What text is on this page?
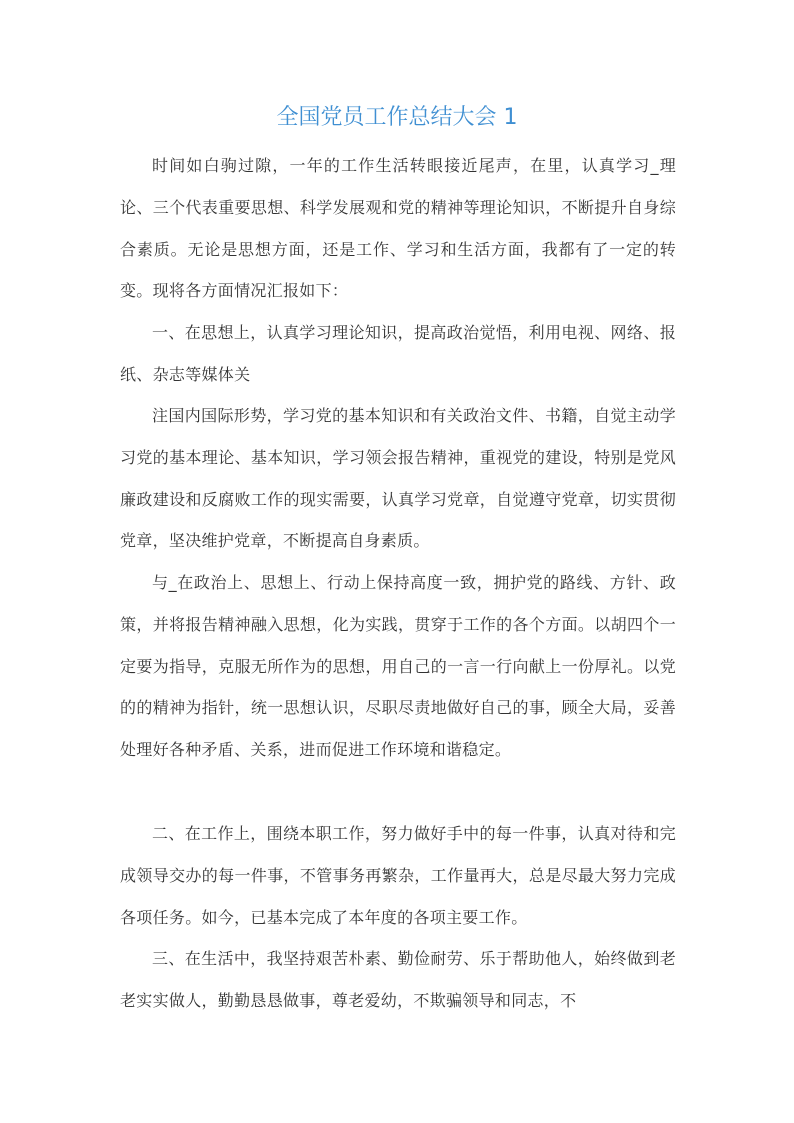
全国党员工作总结大会 1

时间如白驹过隙，一年的工作生活转眼接近尾声，在里，认真学习_理论、三个代表重要思想、科学发展观和党的精神等理论知识，不断提升自身综合素质。无论是思想方面，还是工作、学习和生活方面，我都有了一定的转变。现将各方面情况汇报如下：

一、在思想上，认真学习理论知识，提高政治觉悟，利用电视、网络、报纸、杂志等媒体关

注国内国际形势，学习党的基本知识和有关政治文件、书籍，自觉主动学习党的基本理论、基本知识，学习领会报告精神，重视党的建设，特别是党风廉政建设和反腐败工作的现实需要，认真学习党章，自觉遵守党章，切实贯彻党章，坚决维护党章，不断提高自身素质。

与_在政治上、思想上、行动上保持高度一致，拥护党的路线、方针、政策，并将报告精神融入思想，化为实践，贯穿于工作的各个方面。以胡四个一定要为指导，克服无所作为的思想，用自己的一言一行向献上一份厚礼。以党的的精神为指针，统一思想认识，尽职尽责地做好自己的事，顾全大局，妥善处理好各种矛盾、关系，进而促进工作环境和谐稳定。

二、在工作上，围绕本职工作，努力做好手中的每一件事，认真对待和完成领导交办的每一件事，不管事务再繁杂，工作量再大，总是尽最大努力完成各项任务。如今，已基本完成了本年度的各项主要工作。

三、在生活中，我坚持艰苦朴素、勤俭耐劳、乐于帮助他人，始终做到老老实实做人，勤勤恳恳做事，尊老爱幼，不欺骗领导和同志，不
